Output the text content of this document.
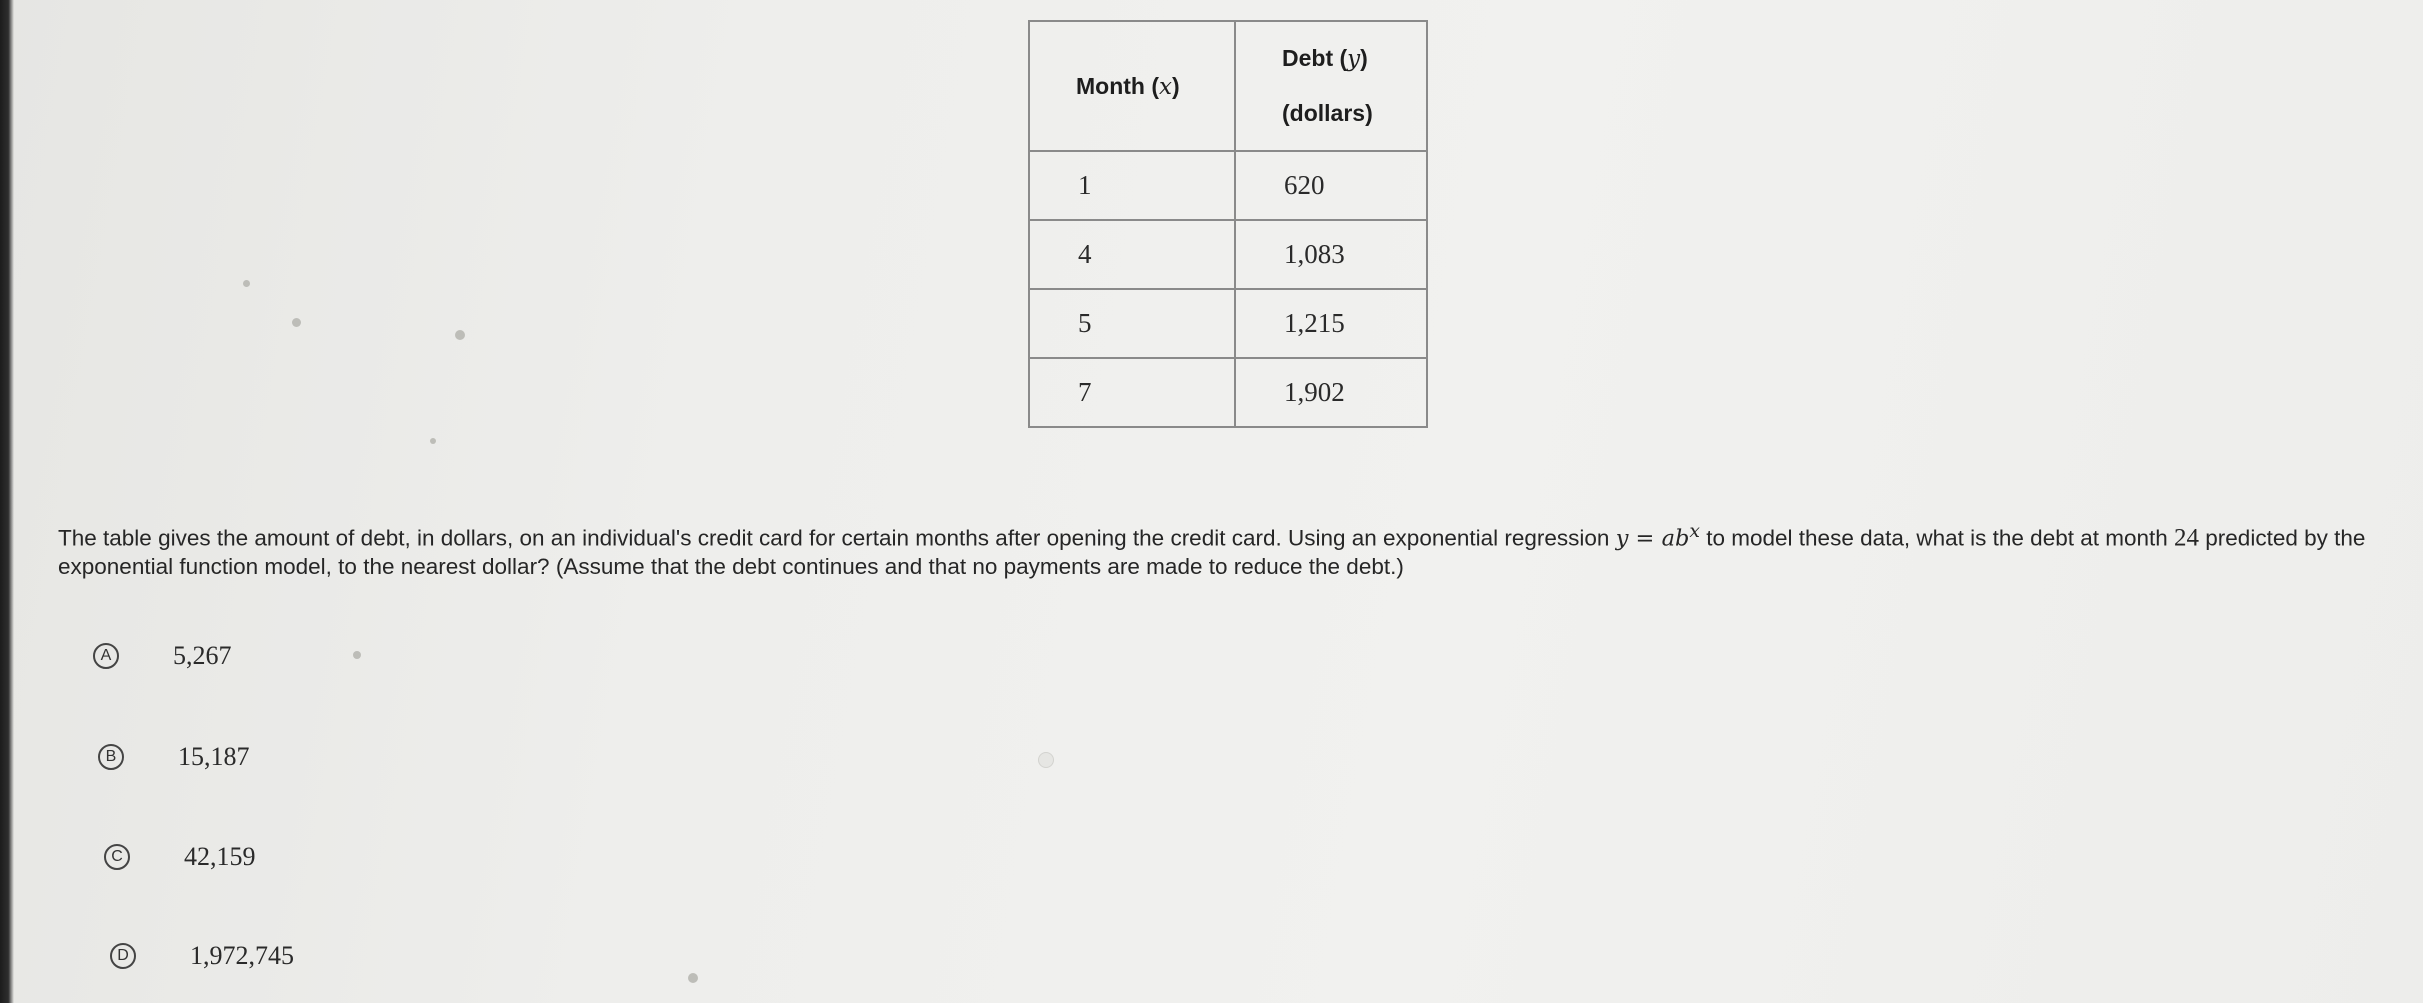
Month (x)	Debt (y)
(dollars)

1	620
4	1,083
5	1,215
7	1,902
The table gives the amount of debt, in dollars, on an individual's credit card for certain months after opening the credit card. Using an exponential regression $y = ab^x$ to model these data, what is the debt at month 24 predicted by the exponential function model, to the nearest dollar? (Assume that the debt continues and that no payments are made to reduce the debt.)
A 5,267
B 15,187
C 42,159
D 1,972,745
